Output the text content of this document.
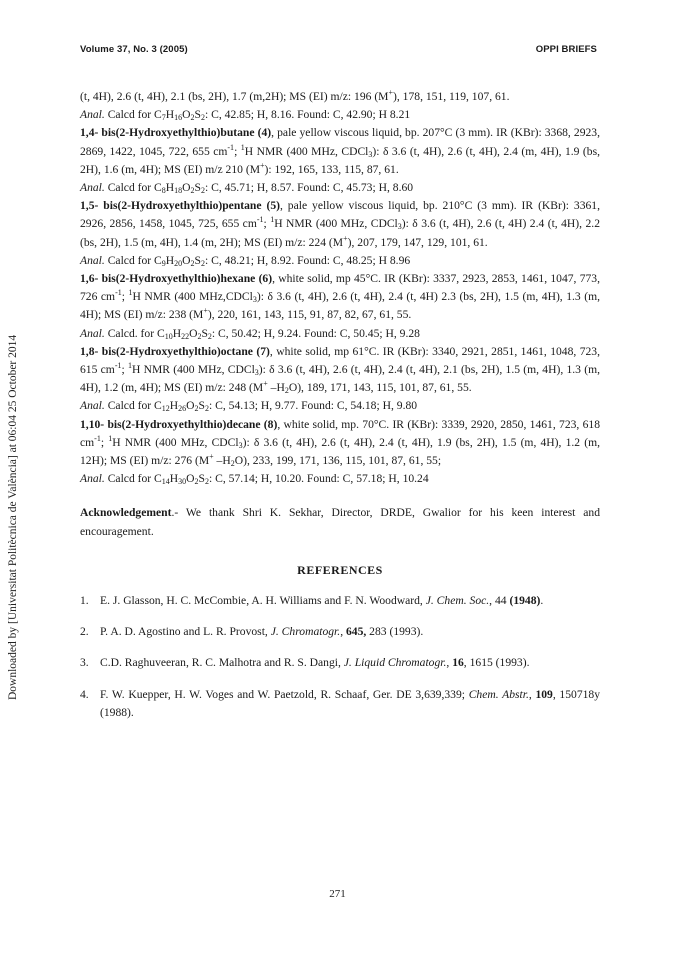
Volume 37, No. 3 (2005)	OPPI BRIEFS
Downloaded by [Universitat Politècnica de València] at 06:04 25 October 2014

(t, 4H), 2.6 (t, 4H), 2.1 (bs, 2H), 1.7 (m,2H); MS (EI) m/z: 196 (M+), 178, 151, 119, 107, 61.

Anal. Calcd for $C_7H_{16}O_2S_2$: C, 42.85; H, 8.16. Found: C, 42.90; H 8.21

1,4- bis(2-Hydroxyethylthio)butane (4), pale yellow viscous liquid, bp. 207°C (3 mm). IR (KBr): 3368, 2923, 2869, 1422, 1045, 722, 655 $cm^{-1}$; $^1$H NMR (400 MHz, CDCl$_3$): δ 3.6 (t, 4H), 2.6 (t, 4H), 2.4 (m, 4H), 1.9 (bs, 2H), 1.6 (m, 4H); MS (EI) m/z 210 (M+): 192, 165, 133, 115, 87, 61.

Anal. Calcd for $C_8H_{18}O_2S_2$: C, 45.71; H, 8.57. Found: C, 45.73; H, 8.60

1,5- bis(2-Hydroxyethylthio)pentane (5), pale yellow viscous liquid, bp. 210°C (3 mm). IR (KBr): 3361, 2926, 2856, 1458, 1045, 725, 655 $cm^{-1}$; $^1$H NMR (400 MHz, CDCl$_3$): δ 3.6 (t, 4H), 2.6 (t, 4H) 2.4 (t, 4H), 2.2 (bs, 2H), 1.5 (m, 4H), 1.4 (m, 2H); MS (EI) m/z: 224 (M+), 207, 179, 147, 129, 101, 61.

Anal. Calcd for $C_9H_{20}O_2S_2$: C, 48.21; H, 8.92. Found: C, 48.25; H 8.96

1,6- bis(2-Hydroxyethylthio)hexane (6), white solid, mp 45°C. IR (KBr): 3337, 2923, 2853, 1461, 1047, 773, 726 $cm^{-1}$; $^1$H NMR (400 MHz,CDCl$_3$): δ 3.6 (t, 4H), 2.6 (t, 4H), 2.4 (t, 4H) 2.3 (bs, 2H), 1.5 (m, 4H), 1.3 (m, 4H); MS (EI) m/z: 238 (M+), 220, 161, 143, 115, 91, 87, 82, 67, 61, 55.

Anal. Calcd. for $C_{10}H_{22}O_2S_2$: C, 50.42; H, 9.24. Found: C, 50.45; H, 9.28

1,8- bis(2-Hydroxyethylthio)octane (7), white solid, mp 61°C. IR (KBr): 3340, 2921, 2851, 1461, 1048, 723, 615 $cm^{-1}$; $^1$H NMR (400 MHz, CDCl$_3$): δ 3.6 (t, 4H), 2.6 (t, 4H), 2.4 (t, 4H), 2.1 (bs, 2H), 1.5 (m, 4H), 1.3 (m, 4H), 1.2 (m, 4H); MS (EI) m/z: 248 (M+ $-H_2O$), 189, 171, 143, 115, 101, 87, 61, 55.

Anal. Calcd for $C_{12}H_{26}O_2S_2$: C, 54.13; H, 9.77. Found: C, 54.18; H, 9.80

1,10- bis(2-Hydroxyethylthio)decane (8), white solid, mp. 70°C. IR (KBr): 3339, 2920, 2850, 1461, 723, 618 $cm^{-1}$; $^1$H NMR (400 MHz, CDCl$_3$): δ 3.6 (t, 4H), 2.6 (t, 4H), 2.4 (t, 4H), 1.9 (bs, 2H), 1.5 (m, 4H), 1.2 (m, 12H); MS (EI) m/z: 276 (M+ $-H_2O$), 233, 199, 171, 136, 115, 101, 87, 61, 55;

Anal. Calcd for $C_{14}H_{30}O_2S_2$: C, 57.14; H, 10.20. Found: C, 57.18; H, 10.24

Acknowledgement.- We thank Shri K. Sekhar, Director, DRDE, Gwalior for his keen interest and encouragement.

REFERENCES

1. E. J. Glasson, H. C. McCombie, A. H. Williams and F. N. Woodward, J. Chem. Soc., 44 (1948).
2. P. A. D. Agostino and L. R. Provost, J. Chromatogr., 645, 283 (1993).
3. C.D. Raghuveeran, R. C. Malhotra and R. S. Dangi, J. Liquid Chromatogr., 16, 1615 (1993).
4. F. W. Kuepper, H. W. Voges and W. Paetzold, R. Schaaf, Ger. DE 3,639,339; Chem. Abstr., 109, 150718y (1988).
271
